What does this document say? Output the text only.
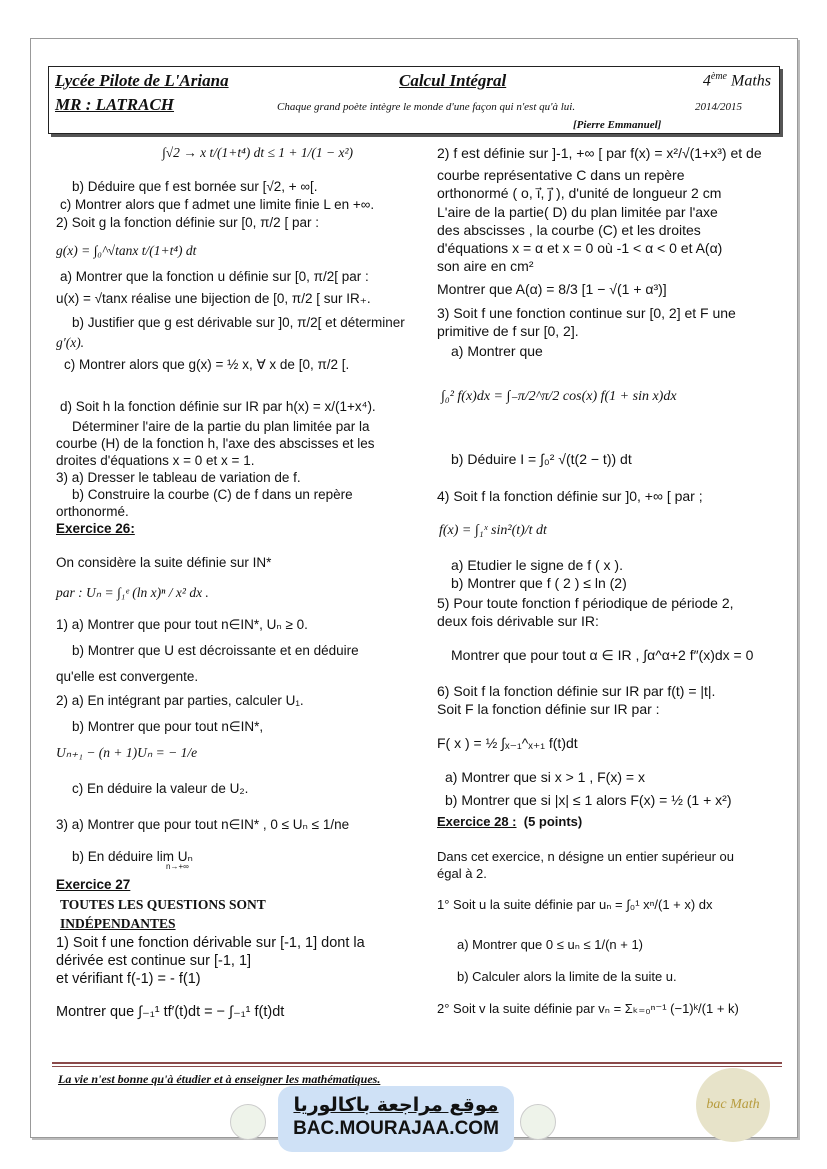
Lycée Pilote de L'Ariana
MR : LATRACH
Calcul Intégral
Chaque grand poète intègre le monde d'une façon qui n'est qu'à lui.
4ème Maths
2014/2015
[Pierre Emmanuel]
∫√2 → x t/(1+t⁴) dt ≤ 1 + 1/(1 − x²)
b) Déduire que f est bornée sur [√2, + ∞[.
c) Montrer alors que f admet une limite finie L en +∞.
2) Soit g la fonction définie sur [0, π/2 [ par :
g(x) = ∫₀^√tanx t/(1+t⁴) dt
a) Montrer que la fonction u définie sur [0, π/2[ par :
u(x) = √tanx réalise une bijection de [0, π/2 [ sur IR₊.
b) Justifier que g est dérivable sur ]0, π/2[ et déterminer
g′(x).
c) Montrer alors que g(x) = ½ x, ∀ x de [0, π/2 [.
d) Soit h la fonction définie sur IR par h(x) = x/(1+x⁴).
Déterminer l'aire de la partie du plan limitée par la
courbe (H) de la fonction h, l'axe des abscisses et les
droites d'équations x = 0 et x = 1.
3) a) Dresser le tableau de variation de f.
b) Construire la courbe (C) de f dans un repère
orthonormé.
Exercice 26:
On considère la suite définie sur IN*
par : Uₙ = ∫₁ᵉ (ln x)ⁿ / x² dx .
1) a) Montrer que pour tout n∈IN*, Uₙ ≥ 0.
b) Montrer que U est décroissante et en déduire
qu'elle est convergente.
2) a) En intégrant par parties, calculer U₁.
b) Montrer que pour tout n∈IN*,
Uₙ₊₁ − (n + 1)Uₙ = − 1/e
c) En déduire la valeur de U₂.
3) a) Montrer que pour tout n∈IN* , 0 ≤ Uₙ ≤ 1/ne
b) En déduire lim Uₙ
n→+∞
Exercice 27
TOUTES LES QUESTIONS SONT
INDÉPENDANTES
1) Soit f une fonction dérivable sur [-1, 1] dont la
dérivée est continue sur [-1, 1]
et vérifiant f(-1) = - f(1)
Montrer que ∫₋₁¹ tf′(t)dt = − ∫₋₁¹ f(t)dt
2) f est définie sur ]-1, +∞ [ par f(x) = x²/√(1+x³) et de
courbe représentative C dans un repère
orthonormé ( o, i⃗, j⃗ ), d'unité de longueur 2 cm
L'aire de la partie( D) du plan limitée par l'axe
des abscisses , la courbe (C) et les droites
d'équations x = α et x = 0 où -1 < α < 0 et A(α)
son aire en cm²
Montrer que A(α) = 8/3 [1 − √(1 + α³)]
3) Soit f une fonction continue sur [0, 2] et F une
primitive de f sur [0, 2].
a) Montrer que
∫₀² f(x)dx = ∫₋π/2^π/2 cos(x) f(1 + sin x)dx
b) Déduire I = ∫₀² √(t(2 − t)) dt
4) Soit f la fonction définie sur ]0, +∞ [ par ;
f(x) = ∫₁ˣ sin²(t)/t dt
a) Etudier le signe de f ( x ).
b) Montrer que f ( 2 ) ≤ ln (2)
5) Pour toute fonction f périodique de période 2,
deux fois dérivable sur IR:
Montrer que pour tout α ∈ IR , ∫α^α+2 f″(x)dx = 0
6) Soit f la fonction définie sur IR par f(t) = |t|.
Soit F la fonction définie sur IR par :
F( x ) = ½ ∫ₓ₋₁^ₓ₊₁ f(t)dt
a) Montrer que si x > 1 , F(x) = x
b) Montrer que si |x| ≤ 1 alors F(x) = ½ (1 + x²)
Exercice 28 : (5 points)
Dans cet exercice, n désigne un entier supérieur ou
égal à 2.
1° Soit u la suite définie par uₙ = ∫₀¹ xⁿ/(1 + x) dx
a) Montrer que 0 ≤ uₙ ≤ 1/(n + 1)
b) Calculer alors la limite de la suite u.
2° Soit v la suite définie par vₙ = Σₖ₌₀ⁿ⁻¹ (−1)ᵏ/(1 + k)
La vie n'est bonne qu'à étudier et à enseigner les mathématiques.
موقع مراجعة باكالوريا
BAC.MOURAJAA.COM
bac Math
